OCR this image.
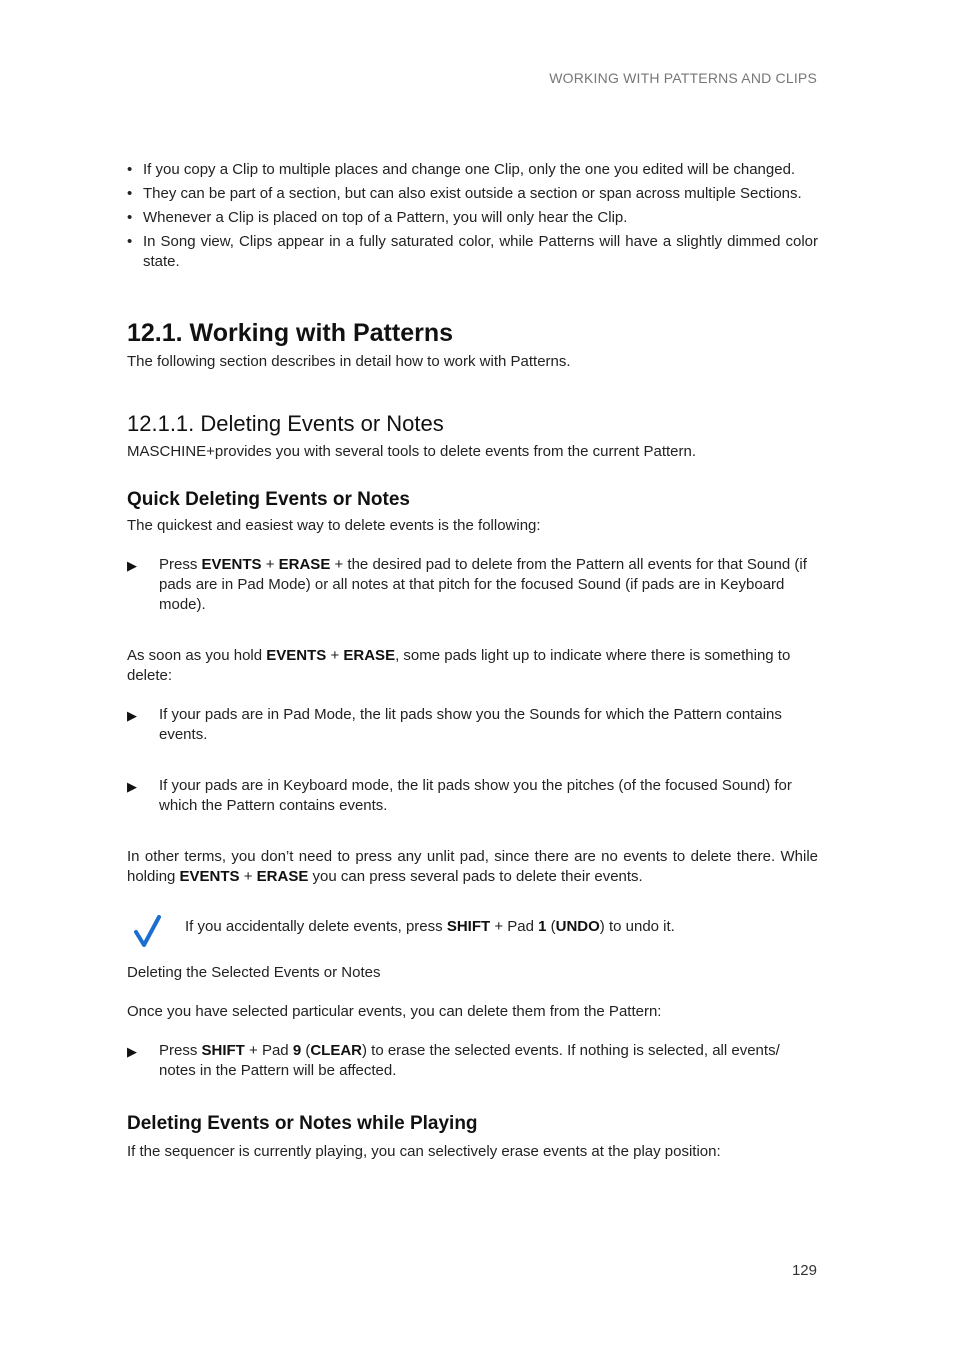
WORKING WITH PATTERNS AND CLIPS
• If you copy a Clip to multiple places and change one Clip, only the one you edited will be changed.
• They can be part of a section, but can also exist outside a section or span across multiple Sections.
• Whenever a Clip is placed on top of a Pattern, you will only hear the Clip.
• In Song view, Clips appear in a fully saturated color, while Patterns will have a slightly dimmed color state.
12.1. Working with Patterns

The following section describes in detail how to work with Patterns.

12.1.1. Deleting Events or Notes

MASCHINE+provides you with several tools to delete events from the current Pattern.

Quick Deleting Events or Notes

The quickest and easiest way to delete events is the following:

▶ Press EVENTS + ERASE + the desired pad to delete from the Pattern all events for that Sound (if pads are in Pad Mode) or all notes at that pitch for the focused Sound (if pads are in Keyboard mode).

As soon as you hold EVENTS + ERASE, some pads light up to indicate where there is something to delete:

▶ If your pads are in Pad Mode, the lit pads show you the Sounds for which the Pattern contains events.
▶ If your pads are in Keyboard mode, the lit pads show you the pitches (of the focused Sound) for which the Pattern contains events.

In other terms, you don’t need to press any unlit pad, since there are no events to delete there. While holding EVENTS + ERASE you can press several pads to delete their events.

If you accidentally delete events, press SHIFT + Pad 1 (UNDO) to undo it.

Deleting the Selected Events or Notes

Once you have selected particular events, you can delete them from the Pattern:

▶ Press SHIFT + Pad 9 (CLEAR) to erase the selected events. If nothing is selected, all events/ notes in the Pattern will be affected.
Deleting Events or Notes while Playing

If the sequencer is currently playing, you can selectively erase events at the play position:

129
